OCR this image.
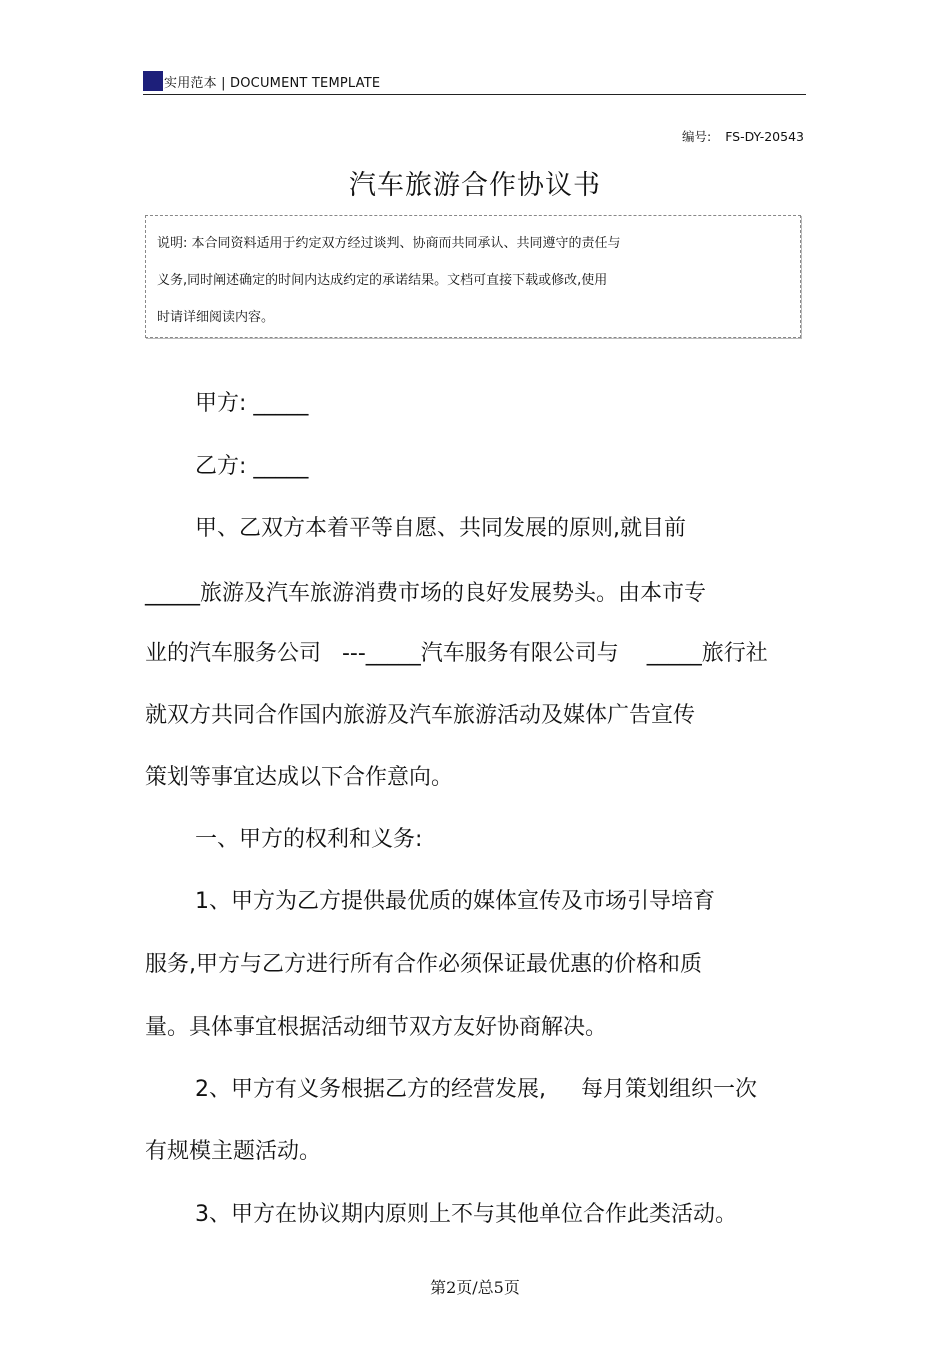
实用范本 | DOCUMENT TEMPLATE
编号: FS-DY-20543
汽车旅游合作协议书
说明: 本合同资料适用于约定双方经过谈判、协商而共同承认、共同遵守的责任与
义务,同时阐述确定的时间内达成约定的承诺结果。文档可直接下载或修改,使用
时请详细阅读内容。
甲方: _____
乙方: _____
甲、乙双方本着平等自愿、共同发展的原则,就目前
_____旅游及汽车旅游消费市场的良好发展势头。由本市专
业的汽车服务公司   ---_____汽车服务有限公司与    _____旅行社
就双方共同合作国内旅游及汽车旅游活动及媒体广告宣传
策划等事宜达成以下合作意向。
一、甲方的权利和义务:
1、甲方为乙方提供最优质的媒体宣传及市场引导培育
服务,甲方与乙方进行所有合作必须保证最优惠的价格和质
量。具体事宜根据活动细节双方友好协商解决。
2、甲方有义务根据乙方的经营发展,     每月策划组织一次
有规模主题活动。
3、甲方在协议期内原则上不与其他单位合作此类活动。
第2页/总5页
